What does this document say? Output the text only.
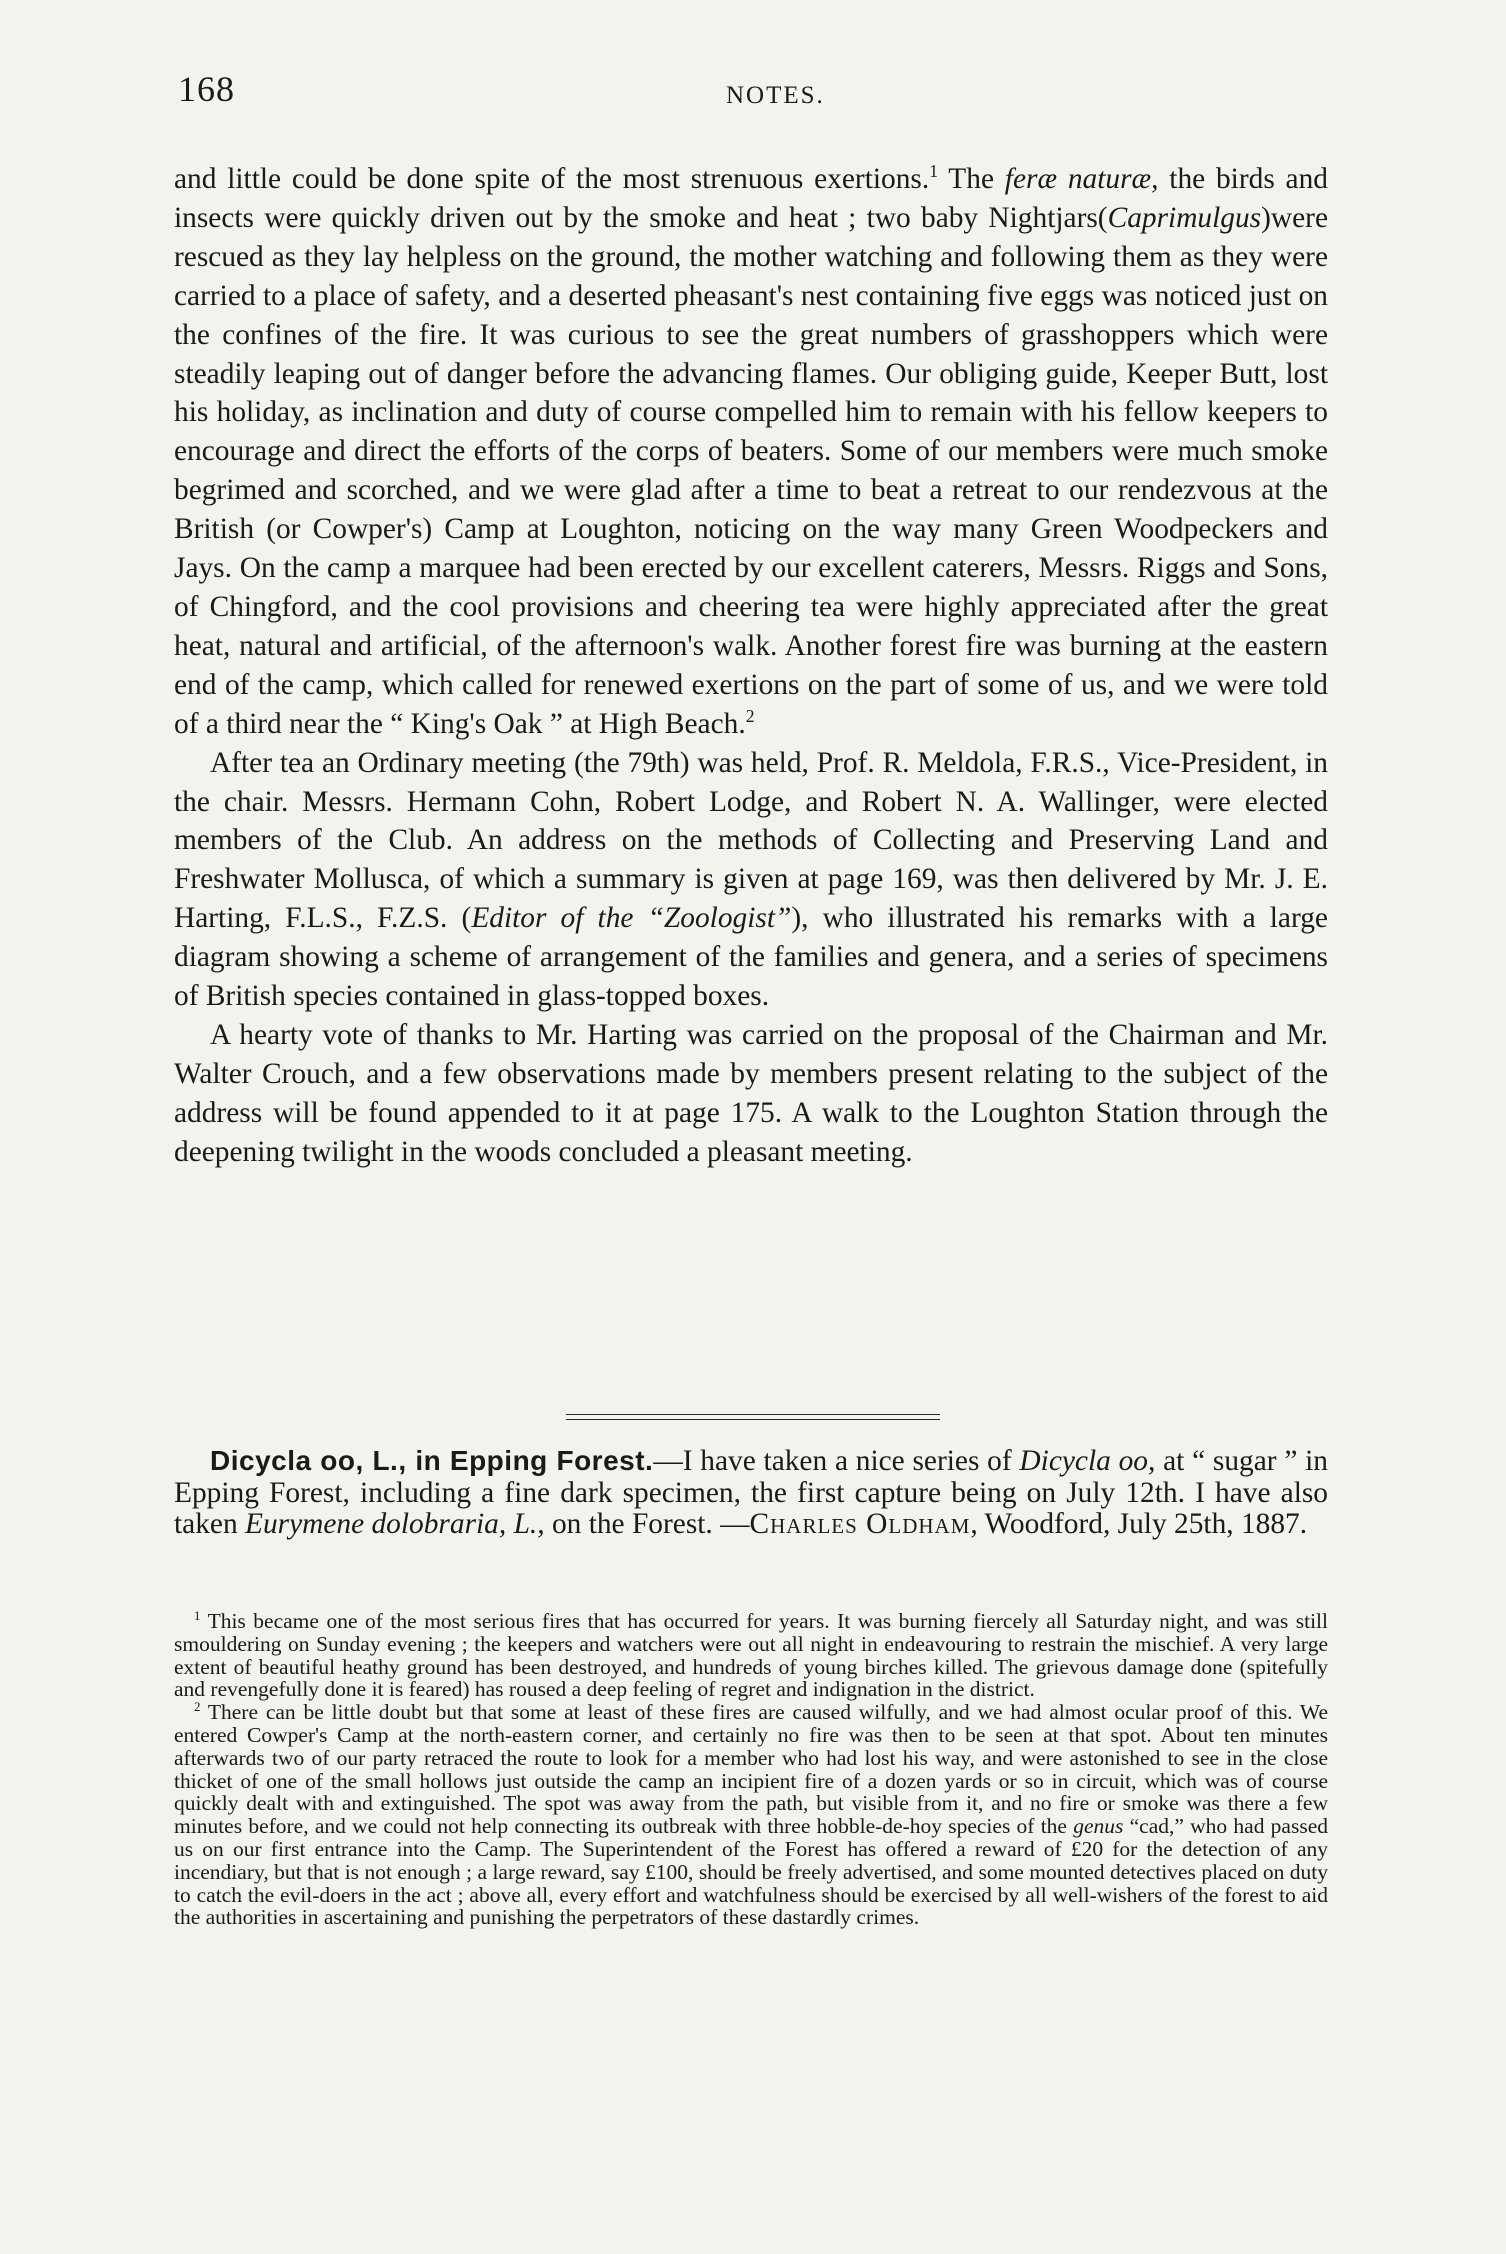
168	NOTES.

and little could be done spite of the most strenuous exertions.$^1$ The feræ naturæ, the birds and insects were quickly driven out by the smoke and heat ; two baby Nightjars(Caprimulgus)were rescued as they lay helpless on the ground, the mother watching and following them as they were carried to a place of safety, and a deserted pheasant's nest containing five eggs was noticed just on the confines of the fire. It was curious to see the great numbers of grasshoppers which were steadily leaping out of danger before the advancing flames. Our obliging guide, Keeper Butt, lost his holiday, as inclination and duty of course compelled him to remain with his fellow keepers to encourage and direct the efforts of the corps of beaters. Some of our members were much smoke begrimed and scorched, and we were glad after a time to beat a retreat to our rendezvous at the British (or Cowper's) Camp at Loughton, noticing on the way many Green Woodpeckers and Jays. On the camp a marquee had been erected by our excellent caterers, Messrs. Riggs and Sons, of Chingford, and the cool provisions and cheering tea were highly appreciated after the great heat, natural and artificial, of the afternoon's walk. Another forest fire was burning at the eastern end of the camp, which called for renewed exertions on the part of some of us, and we were told of a third near the “ King's Oak ” at High Beach.$^2$

After tea an Ordinary meeting (the 79th) was held, Prof. R. Meldola, F.R.S., Vice-President, in the chair. Messrs. Hermann Cohn, Robert Lodge, and Robert N. A. Wallinger, were elected members of the Club. An address on the methods of Collecting and Preserving Land and Freshwater Mollusca, of which a summary is given at page 169, was then delivered by Mr. J. E. Harting, F.L.S., F.Z.S. (Editor of the “Zoologist”), who illustrated his remarks with a large diagram showing a scheme of arrangement of the families and genera, and a series of specimens of British species contained in glass-topped boxes.

A hearty vote of thanks to Mr. Harting was carried on the proposal of the Chairman and Mr. Walter Crouch, and a few observations made by members present relating to the subject of the address will be found appended to it at page 175. A walk to the Loughton Station through the deepening twilight in the woods concluded a pleasant meeting.

Dicycla oo, L., in Epping Forest.—I have taken a nice series of Dicycla oo, at “ sugar ” in Epping Forest, including a fine dark specimen, the first capture being on July 12th. I have also taken Eurymene dolobraria, L., on the Forest. —Charles Oldham, Woodford, July 25th, 1887.

$^1$ This became one of the most serious fires that has occurred for years. It was burning fiercely all Saturday night, and was still smouldering on Sunday evening ; the keepers and watchers were out all night in endeavouring to restrain the mischief. A very large extent of beautiful heathy ground has been destroyed, and hundreds of young birches killed. The grievous damage done (spitefully and revengefully done it is feared) has roused a deep feeling of regret and indignation in the district.

$^2$ There can be little doubt but that some at least of these fires are caused wilfully, and we had almost ocular proof of this. We entered Cowper's Camp at the north-eastern corner, and certainly no fire was then to be seen at that spot. About ten minutes afterwards two of our party retraced the route to look for a member who had lost his way, and were astonished to see in the close thicket of one of the small hollows just outside the camp an incipient fire of a dozen yards or so in circuit, which was of course quickly dealt with and extinguished. The spot was away from the path, but visible from it, and no fire or smoke was there a few minutes before, and we could not help connecting its outbreak with three hobble-de-hoy species of the genus “cad,” who had passed us on our first entrance into the Camp. The Superintendent of the Forest has offered a reward of £20 for the detection of any incendiary, but that is not enough ; a large reward, say £100, should be freely advertised, and some mounted detectives placed on duty to catch the evil-doers in the act ; above all, every effort and watchfulness should be exercised by all well-wishers of the forest to aid the authorities in ascertaining and punishing the perpetrators of these dastardly crimes.
